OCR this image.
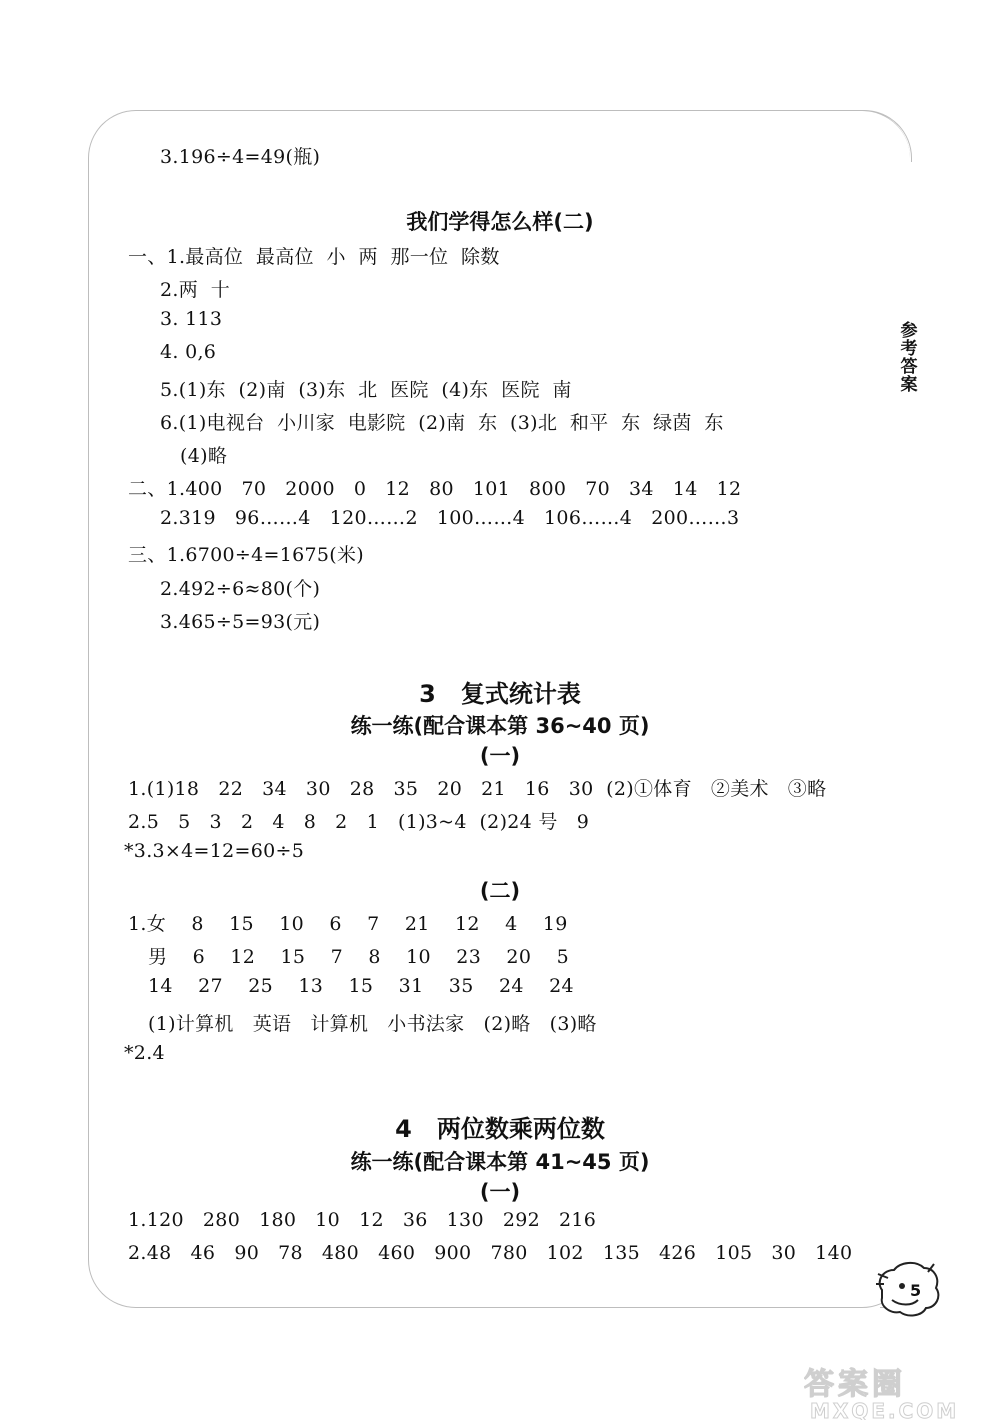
参
考
答
案
3.196÷4=49(瓶)
我们学得怎么样(二)
一、1.最高位  最高位  小  两  那一位  除数
2.两  十
3. 113
4. 0,6
5.(1)东  (2)南  (3)东  北  医院  (4)东  医院  南
6.(1)电视台  小川家  电影院  (2)南  东  (3)北  和平  东  绿茵  东
(4)略
二、1.400   70   2000   0   12   80   101   800   70   34   14   12
2.319   96……4   120……2   100……4   106……4   200……3
三、1.6700÷4=1675(米)
2.492÷6≈80(个)
3.465÷5=93(元)
3   复式统计表
练一练(配合课本第 36~40 页)
(一)
1.(1)18   22   34   30   28   35   20   21   16   30  (2)①体育   ②美术   ③略
2.5   5   3   2   4   8   2   1   (1)3~4  (2)24 号   9
*3.3×4=12=60÷5
(二)
1.女    8    15    10    6    7    21    12    4    19
男    6    12    15    7    8    10    23    20    5
14    27    25    13    15    31    35    24    24
(1)计算机   英语   计算机   小书法家   (2)略   (3)略
*2.4
4   两位数乘两位数
练一练(配合课本第 41~45 页)
(一)
1.120   280   180   10   12   36   130   292   216
2.48   46   90   78   480   460   900   780   102   135   426   105   30   140
5
答案圈
MXQE.COM
